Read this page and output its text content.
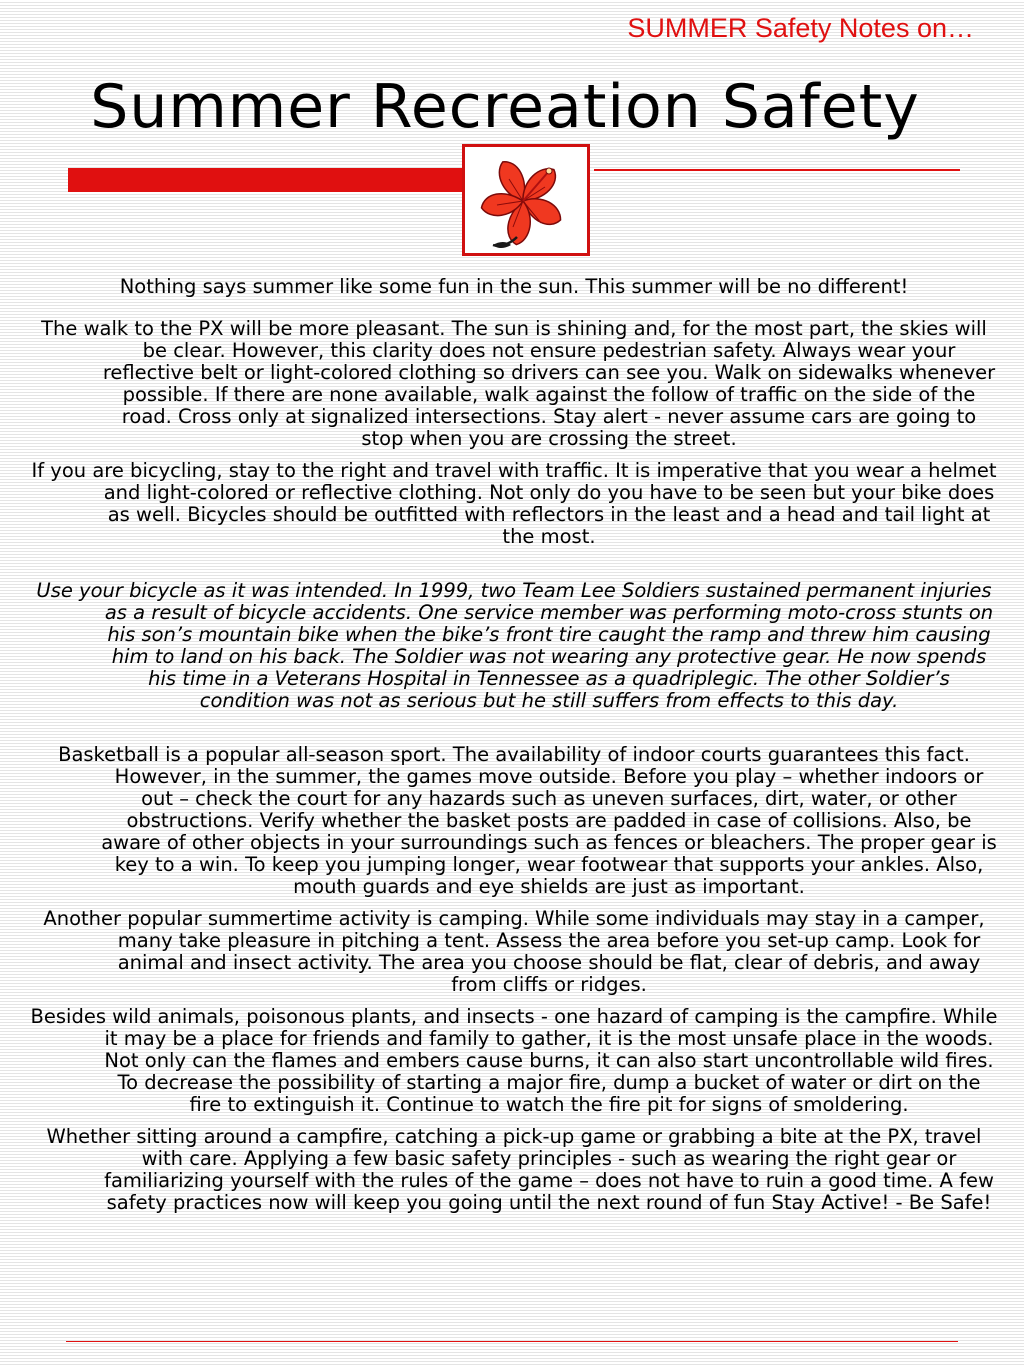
SUMMER Safety Notes on…
Summer Recreation Safety

Nothing says summer like some fun in the sun. This summer will be no different!

The walk to the PX will be more pleasant. The sun is shining and, for the most part, the skies will be clear. However, this clarity does not ensure pedestrian safety. Always wear your reflective belt or light-colored clothing so drivers can see you. Walk on sidewalks whenever possible. If there are none available, walk against the follow of traffic on the side of the road. Cross only at signalized intersections. Stay alert - never assume cars are going to stop when you are crossing the street.

If you are bicycling, stay to the right and travel with traffic. It is imperative that you wear a helmet and light-colored or reflective clothing. Not only do you have to be seen but your bike does as well. Bicycles should be outfitted with reflectors in the least and a head and tail light at the most.

Use your bicycle as it was intended. In 1999, two Team Lee Soldiers sustained permanent injuries as a result of bicycle accidents. One service member was performing moto-cross stunts on his son’s mountain bike when the bike’s front tire caught the ramp and threw him causing him to land on his back. The Soldier was not wearing any protective gear. He now spends his time in a Veterans Hospital in Tennessee as a quadriplegic. The other Soldier’s condition was not as serious but he still suffers from effects to this day.

Basketball is a popular all-season sport. The availability of indoor courts guarantees this fact. However, in the summer, the games move outside. Before you play – whether indoors or out – check the court for any hazards such as uneven surfaces, dirt, water, or other obstructions. Verify whether the basket posts are padded in case of collisions. Also, be aware of other objects in your surroundings such as fences or bleachers. The proper gear is key to a win. To keep you jumping longer, wear footwear that supports your ankles. Also, mouth guards and eye shields are just as important.

Another popular summertime activity is camping. While some individuals may stay in a camper, many take pleasure in pitching a tent. Assess the area before you set-up camp. Look for animal and insect activity. The area you choose should be flat, clear of debris, and away from cliffs or ridges.

Besides wild animals, poisonous plants, and insects - one hazard of camping is the campfire. While it may be a place for friends and family to gather, it is the most unsafe place in the woods. Not only can the flames and embers cause burns, it can also start uncontrollable wild fires. To decrease the possibility of starting a major fire, dump a bucket of water or dirt on the fire to extinguish it. Continue to watch the fire pit for signs of smoldering.

Whether sitting around a campfire, catching a pick-up game or grabbing a bite at the PX, travel with care. Applying a few basic safety principles - such as wearing the right gear or familiarizing yourself with the rules of the game – does not have to ruin a good time. A few safety practices now will keep you going until the next round of fun Stay Active! - Be Safe!
